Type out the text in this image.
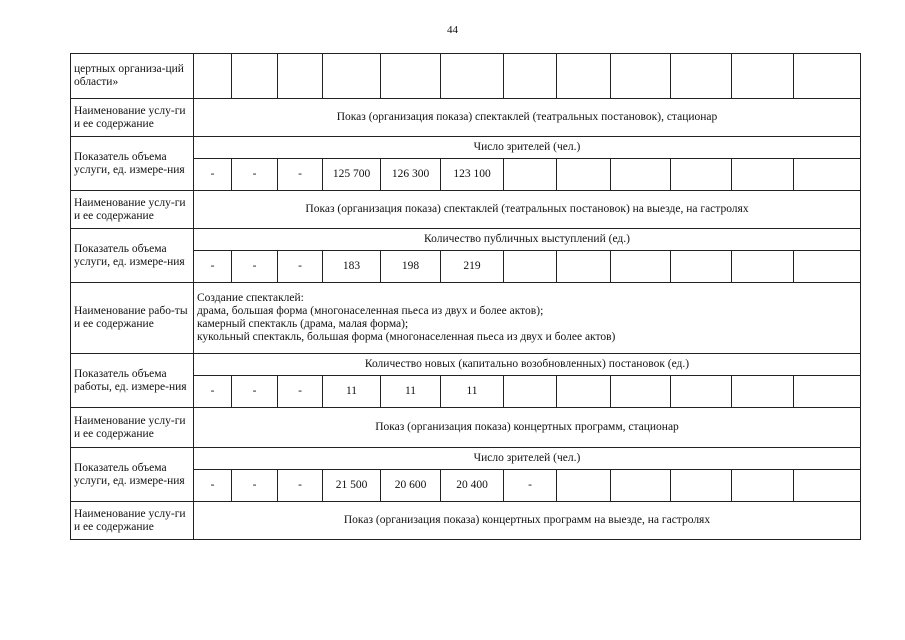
44
цертных организа-ций области»												
Наименование услу-ги и ее содержание	Показ (организация показа) спектаклей (театральных постановок), стационар											
Показатель объема услуги, ед. измере-ния	Число зрителей (чел.)											
	-	-	-	125 700	126 300	123 100						
Наименование услу-ги и ее содержание	Показ (организация показа) спектаклей (театральных постановок) на выезде, на гастролях											
Показатель объема услуги, ед. измере-ния	Количество публичных выступлений (ед.)											
	-	-	-	183	198	219						
Наименование рабо-ты и ее содержание	Создание спектаклей:
драма, большая форма (многонаселенная пьеса из двух и более актов);
камерный спектакль (драма, малая форма);
кукольный спектакль, большая форма (многонаселенная пьеса из двух и более актов)											

Показатель объема работы, ед. измере-ния	Количество новых (капитально возобновленных) постановок (ед.)											
	-	-	-	11	11	11						
Наименование услу-ги и ее содержание	Показ (организация показа) концертных программ, стационар											
Показатель объема услуги, ед. измере-ния	Число зрителей (чел.)											
	-	-	-	21 500	20 600	20 400	-					
Наименование услу-ги и ее содержание	Показ (организация показа) концертных программ на выезде, на гастролях											
